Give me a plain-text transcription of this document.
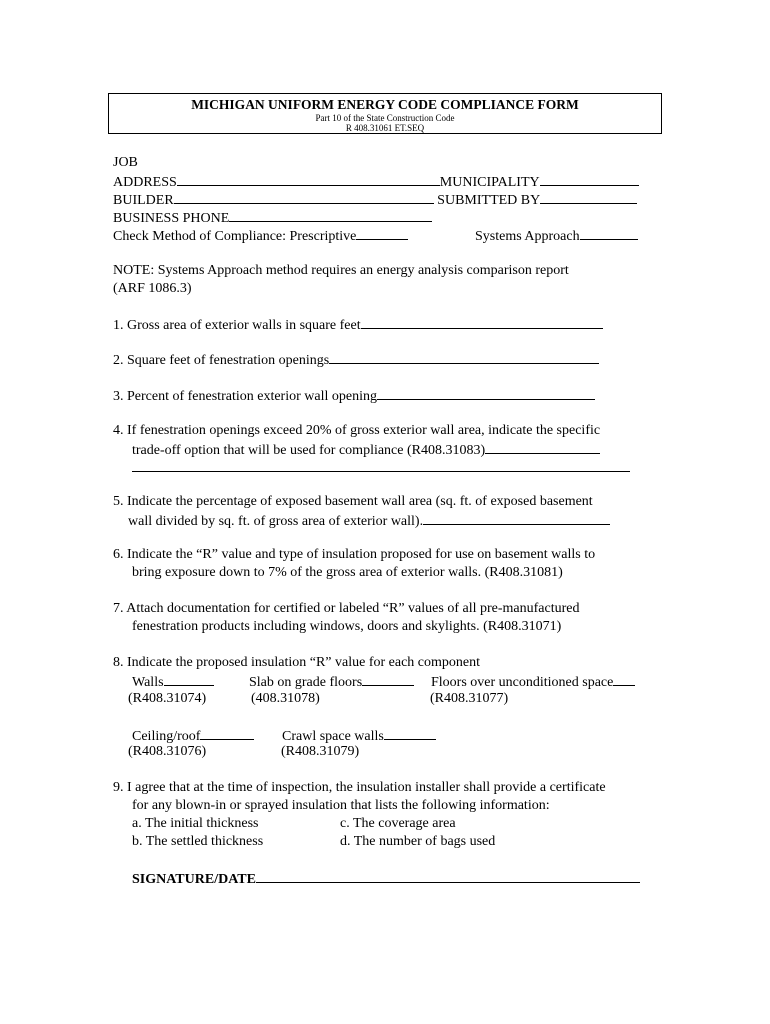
MICHIGAN UNIFORM ENERGY CODE COMPLIANCE FORM
Part 10 of the State Construction Code
R 408.31061 ET.SEQ
JOB
ADDRESS	MUNICIPALITY
BUILDER	SUBMITTED BY
BUSINESS PHONE
Check Method of Compliance: Prescriptive	Systems Approach
NOTE: Systems Approach method requires an energy analysis comparison report
(ARF 1086.3)
1. Gross area of exterior walls in square feet
2. Square feet of fenestration openings
3. Percent of fenestration exterior wall opening
4. If fenestration openings exceed 20% of gross exterior wall area, indicate the specific
trade-off option that will be used for compliance (R408.31083)
5. Indicate the percentage of exposed basement wall area (sq. ft. of exposed basement
wall divided by sq. ft. of gross area of exterior wall).
6. Indicate the “R” value and type of insulation proposed for use on basement walls to
bring exposure down to 7% of the gross area of exterior walls. (R408.31081)
7. Attach documentation for certified or labeled “R” values of all pre-manufactured
fenestration products including windows, doors and skylights. (R408.31071)
8. Indicate the proposed insulation “R” value for each component
Walls	Slab on grade floors	Floors over unconditioned space
(R408.31074)	(408.31078)	(R408.31077)
Ceiling/roof	Crawl space walls
(R408.31076)	(R408.31079)
9. I agree that at the time of inspection, the insulation installer shall provide a certificate
for any blown-in or sprayed insulation that lists the following information:
a. The initial thickness	c. The coverage area
b. The settled thickness	d. The number of bags used
SIGNATURE/DATE
